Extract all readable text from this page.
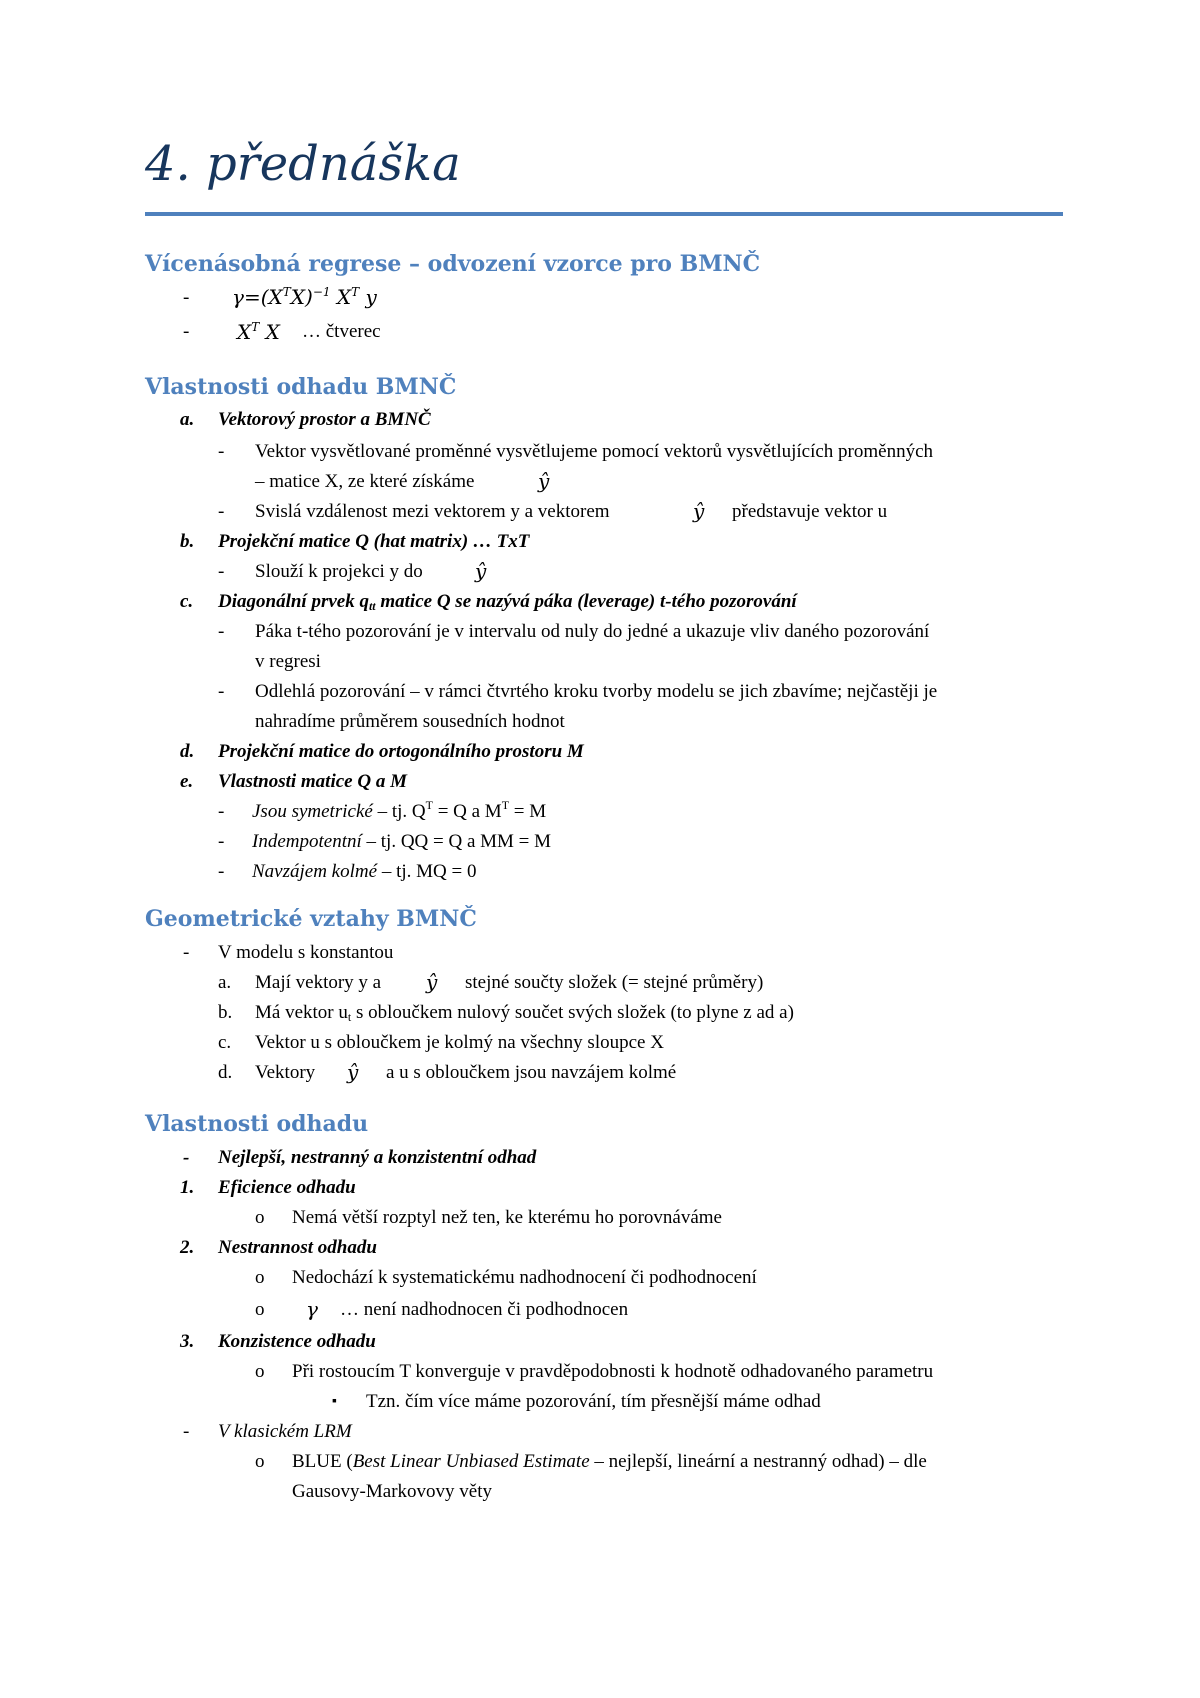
4. přednáška
Vícenásobná regrese – odvození vzorce pro BMNČ
- $\gamma=(X^TX)^{-1}$ $X^T$ y
- $X^T$ X … čtverec
Vlastnosti odhadu BMNČ
a. Vektorový prostor a BMNČ
- Vektor vysvětlované proměnné vysvětlujeme pomocí vektorů vysvětlujících proměnných
– matice X, ze které získáme	ŷ
- Svislá vzdálenost mezi vektorem y a vektorem	ŷ představuje vektor u
b. Projekční matice Q (hat matrix) … TxT
- Slouží k projekci y do	ŷ
c. Diagonální prvek $q_{tt}$ matice Q se nazývá páka (leverage) t-tého pozorování
- Páka t-tého pozorování je v intervalu od nuly do jedné a ukazuje vliv daného pozorování
v regresi
- Odlehlá pozorování – v rámci čtvrtého kroku tvorby modelu se jich zbavíme; nejčastěji je
nahradíme průměrem sousedních hodnot
d. Projekční matice do ortogonálního prostoru M
e. Vlastnosti matice Q a M
- Jsou symetrické – tj. $Q^T = Q$ a $M^T = M$
- Indempotentní – tj. QQ = Q a MM = M
- Navzájem kolmé – tj. MQ = 0
Geometrické vztahy BMNČ
- V modelu s konstantou
a. Mají vektory y a ŷ stejné součty složek (= stejné průměry)
b. Má vektor $u_t$ s obloučkem nulový součet svých složek (to plyne z ad a)
c. Vektor u s obloučkem je kolmý na všechny sloupce X
d. Vektory ŷ a u s obloučkem jsou navzájem kolmé
Vlastnosti odhadu
- Nejlepší, nestranný a konzistentní odhad
1. Eficience odhadu
o Nemá větší rozptyl než ten, ke kterému ho porovnáváme
2. Nestrannost odhadu
o Nedochází k systematickému nadhodnocení či podhodnocení
o γ … není nadhodnocen či podhodnocen
3. Konzistence odhadu
o Při rostoucím T konverguje v pravděpodobnosti k hodnotě odhadovaného parametru
▪ Tzn. čím více máme pozorování, tím přesnější máme odhad
- V klasickém LRM
o BLUE (Best Linear Unbiased Estimate – nejlepší, lineární a nestranný odhad) – dle
Gausovy-Markovovy věty
